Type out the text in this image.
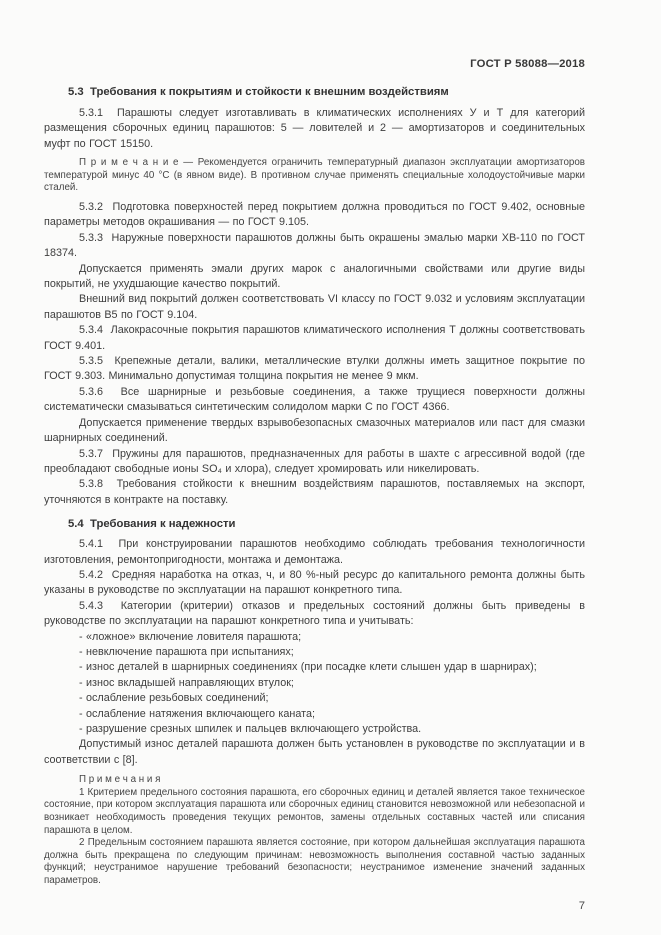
ГОСТ Р 58088—2018
5.3  Требования к покрытиям и стойкости к внешним воздействиям

5.3.1  Парашюты следует изготавливать в климатических исполнениях У и Т для категорий размещения сборочных единиц парашютов: 5 — ловителей и 2 — амортизаторов и соединительных муфт по ГОСТ 15150.

П р и м е ч а н и е — Рекомендуется ограничить температурный диапазон эксплуатации амортизаторов температурой минус 40 °С (в явном виде). В противном случае применять специальные холодоустойчивые марки сталей.

5.3.2  Подготовка поверхностей перед покрытием должна проводиться по ГОСТ 9.402, основные параметры методов окрашивания — по ГОСТ 9.105.

5.3.3  Наружные поверхности парашютов должны быть окрашены эмалью марки ХВ-110 по ГОСТ 18374.

Допускается применять эмали других марок с аналогичными свойствами или другие виды покрытий, не ухудшающие качество покрытий.

Внешний вид покрытий должен соответствовать VI классу по ГОСТ 9.032 и условиям эксплуатации парашютов В5 по ГОСТ 9.104.

5.3.4  Лакокрасочные покрытия парашютов климатического исполнения Т должны соответствовать ГОСТ 9.401.

5.3.5  Крепежные детали, валики, металлические втулки должны иметь защитное покрытие по ГОСТ 9.303. Минимально допустимая толщина покрытия не менее 9 мкм.

5.3.6  Все шарнирные и резьбовые соединения, а также трущиеся поверхности должны систематически смазываться синтетическим солидолом марки С по ГОСТ 4366.

Допускается применение твердых взрывобезопасных смазочных материалов или паст для смазки шарнирных соединений.

5.3.7  Пружины для парашютов, предназначенных для работы в шахте с агрессивной водой (где преобладают свободные ионы SO₄ и хлора), следует хромировать или никелировать.

5.3.8  Требования стойкости к внешним воздействиям парашютов, поставляемых на экспорт, уточняются в контракте на поставку.

5.4  Требования к надежности

5.4.1  При конструировании парашютов необходимо соблюдать требования технологичности изготовления, ремонтопригодности, монтажа и демонтажа.

5.4.2  Средняя наработка на отказ, ч, и 80 %-ный ресурс до капитального ремонта должны быть указаны в руководстве по эксплуатации на парашют конкретного типа.

5.4.3  Категории (критерии) отказов и предельных состояний должны быть приведены в руководстве по эксплуатации на парашют конкретного типа и учитывать:

- «ложное» включение ловителя парашюта;

- невключение парашюта при испытаниях;

- износ деталей в шарнирных соединениях (при посадке клети слышен удар в шарнирах);

- износ вкладышей направляющих втулок;

- ослабление резьбовых соединений;

- ослабление натяжения включающего каната;

- разрушение срезных шпилек и пальцев включающего устройства.

Допустимый износ деталей парашюта должен быть установлен в руководстве по эксплуатации и в соответствии с [8].

П р и м е ч а н и я

1 Критерием предельного состояния парашюта, его сборочных единиц и деталей является такое техническое состояние, при котором эксплуатация парашюта или сборочных единиц становится невозможной или небезопасной и возникает необходимость проведения текущих ремонтов, замены отдельных составных частей или списания парашюта в целом.

2 Предельным состоянием парашюта является состояние, при котором дальнейшая эксплуатация парашюта должна быть прекращена по следующим причинам: невозможность выполнения составной частью заданных функций; неустранимое нарушение требований безопасности; неустранимое изменение значений заданных параметров.

7
